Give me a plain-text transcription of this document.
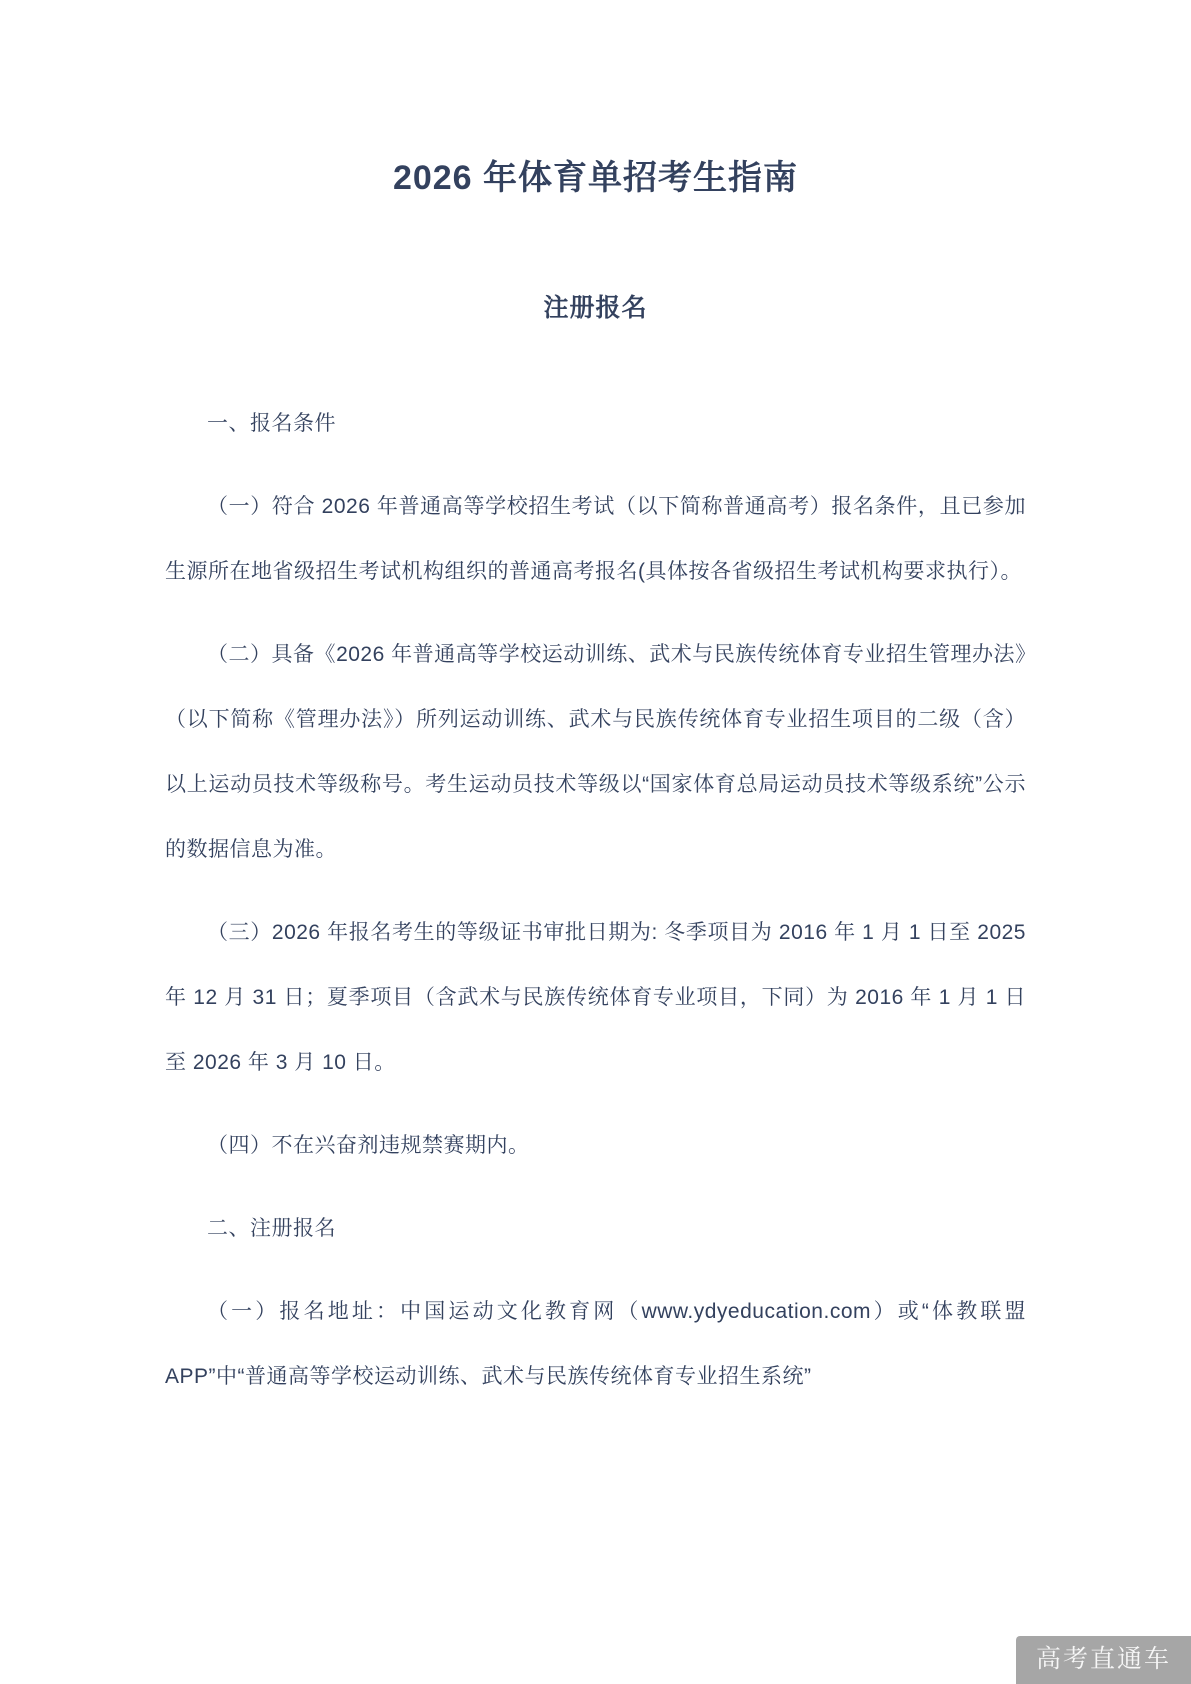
2026 年体育单招考生指南
注册报名

一、报名条件

（一）符合 2026 年普通高等学校招生考试（以下简称普通高考）报名条件，且已参加生源所在地省级招生考试机构组织的普通高考报名(具体按各省级招生考试机构要求执行）。

（二）具备《2026 年普通高等学校运动训练、武术与民族传统体育专业招生管理办法》（以下简称《管理办法》）所列运动训练、武术与民族传统体育专业招生项目的二级（含）以上运动员技术等级称号。考生运动员技术等级以“国家体育总局运动员技术等级系统”公示的数据信息为准。

（三）2026 年报名考生的等级证书审批日期为: 冬季项目为 2016 年 1 月 1 日至 2025 年 12 月 31 日；夏季项目（含武术与民族传统体育专业项目，下同）为 2016 年 1 月 1 日至 2026 年 3 月 10 日。

（四）不在兴奋剂违规禁赛期内。

二、注册报名

（一）报名地址：中国运动文化教育网（www.ydyeducation.com）或“体教联盟 APP”中“普通高等学校运动训练、武术与民族传统体育专业招生系统”

高考直通车
